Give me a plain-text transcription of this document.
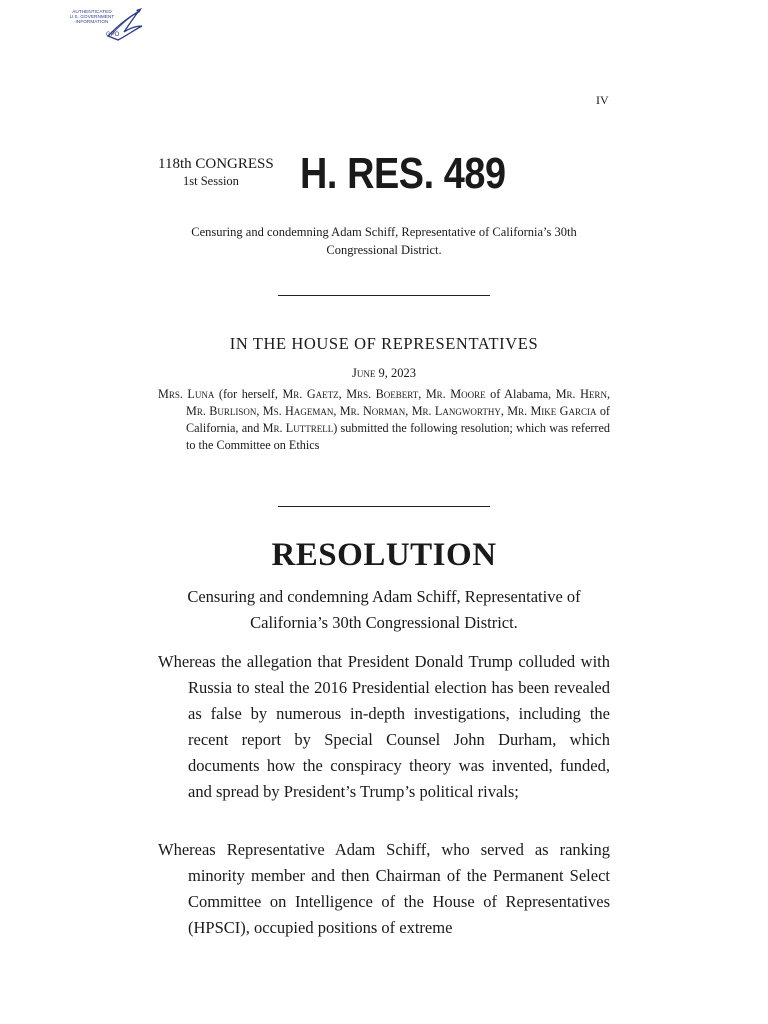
AUTHENTICATED
U.S. GOVERNMENT
INFORMATION
GPO
IV
118th CONGRESS
1st Session	H. RES. 489
Censuring and condemning Adam Schiff, Representative of California’s 30th Congressional District.
IN THE HOUSE OF REPRESENTATIVES
June 9, 2023
Mrs. Luna (for herself, Mr. Gaetz, Mrs. Boebert, Mr. Moore of Alabama, Mr. Hern, Mr. Burlison, Ms. Hageman, Mr. Norman, Mr. Langworthy, Mr. Mike Garcia of California, and Mr. Luttrell) submitted the following resolution; which was referred to the Committee on Ethics
RESOLUTION
Censuring and condemning Adam Schiff, Representative of California’s 30th Congressional District.
Whereas the allegation that President Donald Trump colluded with Russia to steal the 2016 Presidential election has been revealed as false by numerous in-depth investigations, including the recent report by Special Counsel John Durham, which documents how the conspiracy theory was invented, funded, and spread by President’s Trump’s political rivals;
Whereas Representative Adam Schiff, who served as ranking minority member and then Chairman of the Permanent Select Committee on Intelligence of the House of Representatives (HPSCI), occupied positions of extreme
